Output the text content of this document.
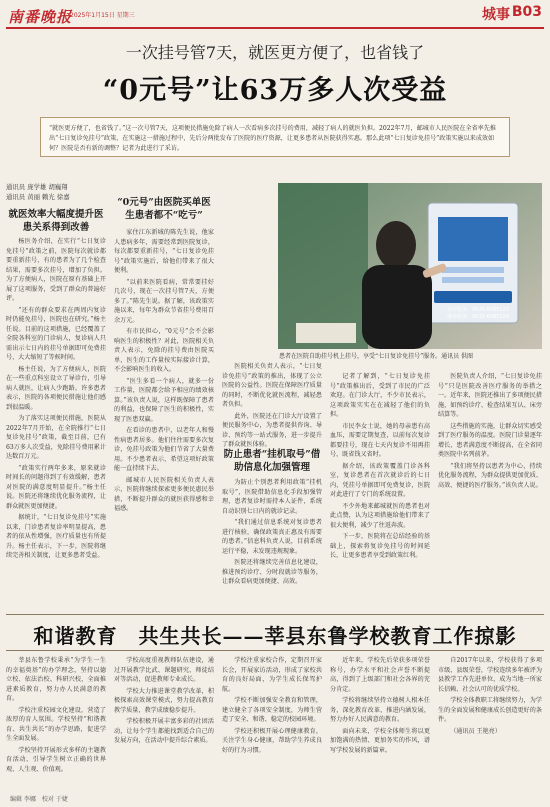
南番晚报
2025年1月15日 星期三	城事 B03
一次挂号管7天，就医更方便了，也省钱了
“0元号”让63万多人次受益

“就医更方便了，也省钱了。”这一次号管7天，这项便民措施免除了病人一次看病多次挂号的费用，减轻了病人的就医负担。2022年7月，邮城市人民医院在全省率先推出“七日复诊免挂号”政策，在实施这一措施过程中，先后分两批发布了医院的医疗资源，让更多患者从医院获得实惠。那么此项“七日复诊免挂号”政策实施以来成效如何？医院是否有新的调整？记者为此进行了采访。

通讯员 庞学雄 胡巍翔
通讯员 黄丽 赖光 徐嘉
就医效率大幅度提升医患关系得到改善

杨医务介绍，在实行“七日复诊免挂号”政策之前，医院每次就诊都要重新挂号，有的患者为了几个检查结果，需要多次挂号，增加了负担。为了方便病人，医院在原有基础上开展了这项服务，受到了群众的普遍好评。

“还有的群众要求在两周内复诊时仍能免挂号，医院也在研究。”杨主任说。目前的这项措施，已经覆盖了全院各科室的门诊病人，复诊病人只需出示七日内的挂号单据即可免费挂号，大大缩短了等候时间。

杨主任说，为了方便病人，医院在一些重点科室设立了导诊台，引导病人就医，让病人少跑路。许多患者表示，医院的各项便民措施让他们感到很温暖。

为了落实这项便民措施，医院从2022年7月开始，在全院推行“七日复诊免挂号”政策，截至目前，已有63万多人次受益，免除挂号费用累计达数百万元。

“政策实行两年多来，原来就诊时间长的问题得到了有效缓解，患者对医院的满意度明显提升。”杨主任说。医院还将继续优化服务流程，让群众就医更加便捷。

据统计，“七日复诊免挂号”实施以来，门诊患者复诊率明显提高，患者的依从性增强，医疗质量也有所提升。杨主任表示，下一步，医院将继续完善相关制度，让更多患者受益。

“0元号”由医院买单医生患者都不“吃亏”

家住江东新城的陈先生说，他家人患病多年，需要经常到医院复诊，每次都要重新挂号，“七日复诊免挂号”政策实施后，给他们带来了很大便利。

“以前来医院看病，常常要挂好几次号，现在一次挂号管7天，方便多了。”陈先生说。据了解，该政策实施以来，每年为群众节省挂号费用百余万元。

有市民担心，“0元号”会不会影响医生的积极性？对此，医院相关负责人表示，免除的挂号费由医院买单，医生的工作量按实际接诊计算，不会影响医生的收入。

“医生多看一个病人，就多一份工作量，医院都会给予相应的绩效核算。”该负责人说，这样既保障了患者的利益，也保障了医生的积极性，实现了医患双赢。

在看诊的患者中，以老年人和慢性病患者居多。他们往往需要多次复诊，免挂号政策为他们节省了大量费用。不少患者表示，希望这项好政策能一直持续下去。

邮城市人民医院相关负责人表示，医院将继续探索更多便民惠民举措，不断提升群众的就医获得感和幸福感。

诊疗服务：0635-6095120
就诊服务：0635-6095120
患者在医院自助挂号机上挂号，享受“七日复诊免挂号”服务。通讯员 供图

医院相关负责人表示，“七日复诊免挂号”政策的推出，体现了公立医院的公益性。医院在保障医疗质量的同时，不断优化就医流程，减轻患者负担。

此外，医院还在门诊大厅设置了便民服务中心，为患者提供咨询、导诊、预约等一站式服务，进一步提升了群众就医体验。

防止患者“挂机取号”借助信息化加强管理

为防止个别患者利用政策“挂机取号”，医院借助信息化手段加强管理，患者复诊时需持本人证件，系统自动识别七日内的就诊记录。

“我们通过信息系统对复诊患者进行核验，确保政策真正惠及有需要的患者。”信息科负责人说，目前系统运行平稳，未发现违规现象。

医院还将继续完善信息化建设，推进预约诊疗、分时段就诊等服务，让群众看病更加便捷、高效。

记者了解到，“七日复诊免挂号”政策推出后，受到了市民的广泛欢迎。在门诊大厅，不少市民表示，这项政策实实在在减轻了他们的负担。

市民李女士说，她的母亲患有高血压，需要定期复查，以前每次复诊都要挂号，现在七天内复诊不用再挂号，既省钱又省时。

据介绍，该政策覆盖门诊各科室，复诊患者在首次就诊后的七日内，凭挂号单据即可免费复诊，医院对此进行了专门的系统设置。

不少外地来邮城就医的患者也对此点赞，认为这项措施给他们带来了很大便利，减少了往返奔波。

下一步，医院将在总结经验的基础上，探索将复诊免挂号的时间延长，让更多患者享受到政策红利。

医院负责人介绍，“七日复诊免挂号”只是医院改善医疗服务的举措之一。近年来，医院还推出了多项便民措施，如预约诊疗、检查结果互认、床旁结算等。

这些措施的实施，让群众切实感受到了医疗服务的温度。医院门诊量逐年增长，患者满意度不断提高，在全省同类医院中名列前茅。

“我们将坚持以患者为中心，持续优化服务流程，为群众提供更加优质、高效、便捷的医疗服务。”该负责人说。

和谐教育　共生共长——莘县东鲁学校教育工作掠影

莘县东鲁学校秉承“为学生一生的幸福奠基”的办学理念，坚持以德立校、依法治校、科研兴校，全面推进素质教育，努力办人民满意的教育。

学校注重校园文化建设，营造了浓厚的育人氛围。学校坚持“和谐教育、共生共长”的办学思路，促进学生全面发展。

学校坚持开展形式多样的主题教育活动，引导学生树立正确的世界观、人生观、价值观。

学校高度重视教师队伍建设，通过开展教学比武、课题研究、师徒结对等活动，促进教师专业成长。

学校大力推进课堂教学改革，积极探索高效课堂模式，努力提高教育教学质量，教学成绩稳步提升。

学校积极开展丰富多彩的社团活动，让每个学生都能找到适合自己的发展方向，在活动中提升综合素质。

学校注重家校合作，定期召开家长会，开展家访活动，形成了家校共育的良好局面，为学生成长保驾护航。

学校不断加强安全教育和管理，建立健全了各项安全制度，为师生营造了安全、和谐、稳定的校园环境。

学校还积极开展心理健康教育，关注学生身心健康，帮助学生养成良好的行为习惯。

近年来，学校先后荣获多项荣誉称号，办学水平和社会声誉不断提高，得到了上级部门和社会各界的充分肯定。

学校将继续坚持立德树人根本任务，深化教育改革，推进内涵发展，努力办好人民满意的教育。

面向未来，学校全体师生将以更加饱满的热情、更加务实的作风，谱写学校发展的新篇章。

自2017年以来，学校获得了多项市级、县级荣誉，学校连续多年被评为县教学工作先进单位，成为当地一所家长信赖、社会认可的优质学校。

学校全体教职工将继续努力，为学生的全面发展和健康成长创造更好的条件。

（通讯员 王艳亮）

编辑 李娜　校对 于婕
